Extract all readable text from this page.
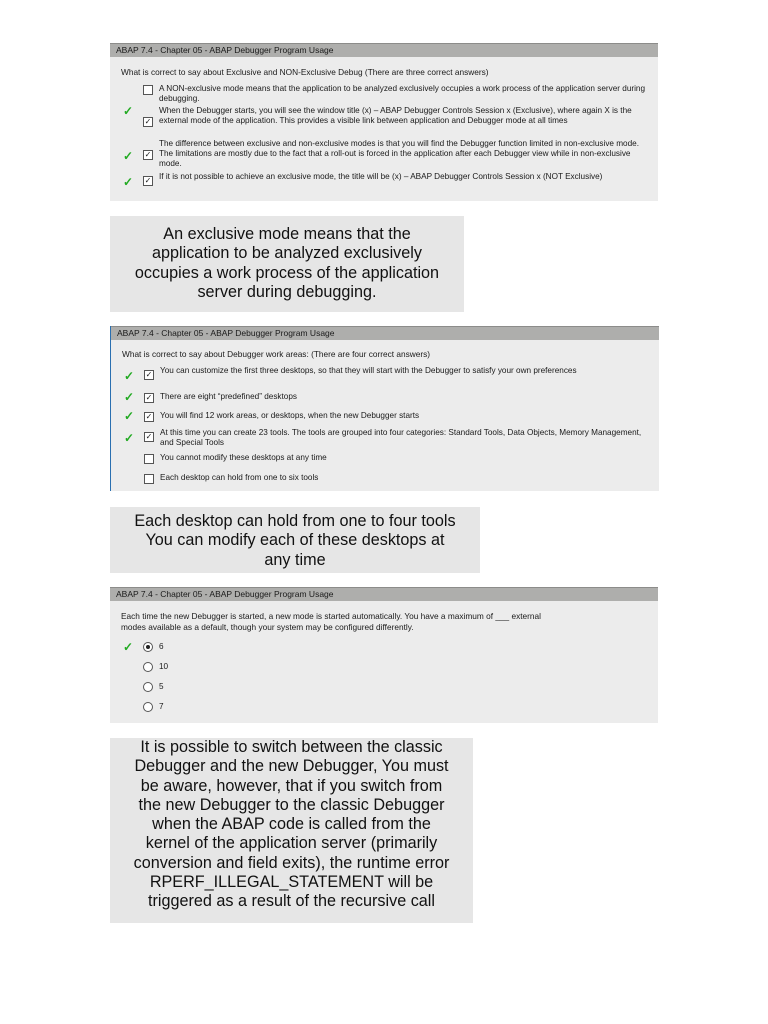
ABAP 7.4 - Chapter 05 - ABAP Debugger Program Usage
What is correct to say about Exclusive and NON-Exclusive Debug (There are three correct answers)
A NON-exclusive mode means that the application to be analyzed exclusively occupies a work process of the application server during debugging.
✓
✓
When the Debugger starts, you will see the window title (x) – ABAP Debugger Controls Session x (Exclusive), where again X is the external mode of the application. This provides a visible link between application and Debugger mode at all times
✓ ✓
The difference between exclusive and non-exclusive modes is that you will find the Debugger function limited in non-exclusive mode. The limitations are mostly due to the fact that a roll-out is forced in the application after each Debugger view while in non-exclusive mode.
✓ ✓ If it is not possible to achieve an exclusive mode, the title will be (x) – ABAP Debugger Controls Session x (NOT Exclusive)
An exclusive mode means that the
application to be analyzed exclusively
occupies a work process of the application
server during debugging.
ABAP 7.4 - Chapter 05 - ABAP Debugger Program Usage
What is correct to say about Debugger work areas: (There are four correct answers)
✓ ✓ You can customize the first three desktops, so that they will start with the Debugger to satisfy your own preferences
✓ ✓ There are eight “predefined” desktops
✓ ✓ You will find 12 work areas, or desktops, when the new Debugger starts
✓ ✓ At this time you can create 23 tools. The tools are grouped into four categories: Standard Tools, Data Objects, Memory Management, and Special Tools
You cannot modify these desktops at any time
Each desktop can hold from one to six tools
Each desktop can hold from one to four tools
You can modify each of these desktops at
any time
ABAP 7.4 - Chapter 05 - ABAP Debugger Program Usage
Each time the new Debugger is started, a new mode is started automatically. You have a maximum of ___ external
modes available as a default, though your system may be configured differently.
✓	6
10
5
7
It is possible to switch between the classic
Debugger and the new Debugger, You must
be aware, however, that if you switch from
the new Debugger to the classic Debugger
when the ABAP code is called from the
kernel of the application server (primarily
conversion and field exits), the runtime error
RPERF_ILLEGAL_STATEMENT will be
triggered as a result of the recursive call
